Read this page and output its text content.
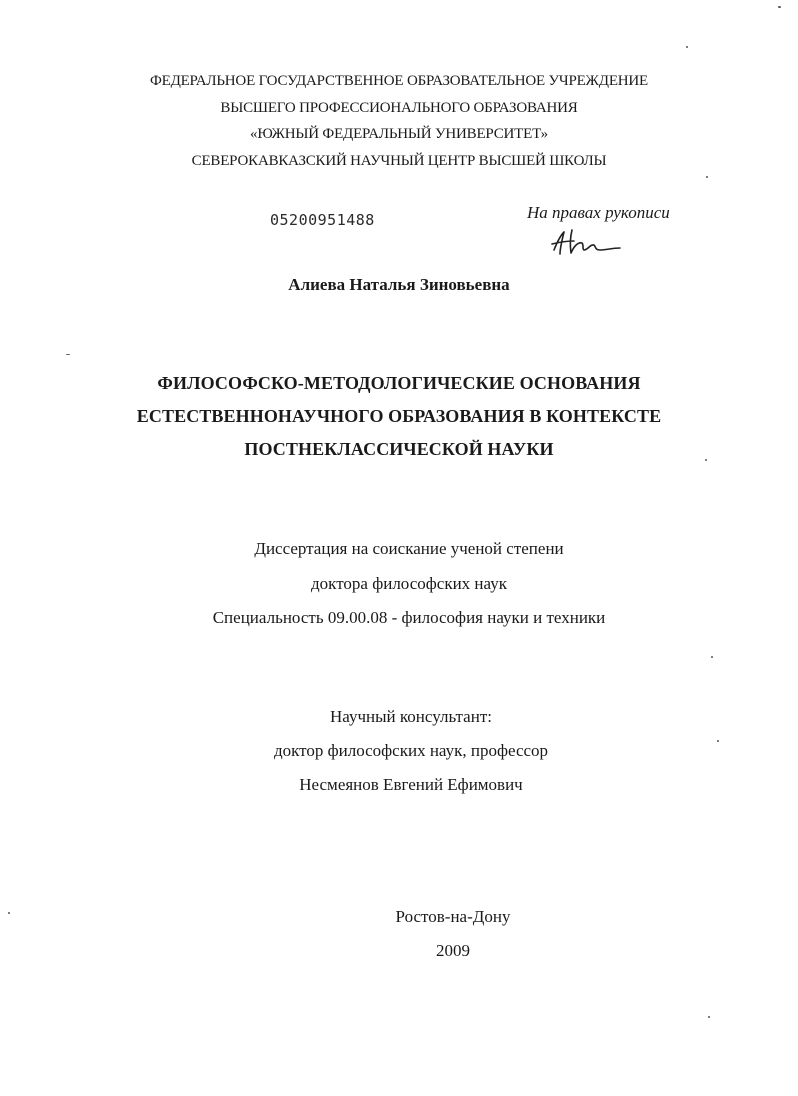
ФЕДЕРАЛЬНОЕ ГОСУДАРСТВЕННОЕ ОБРАЗОВАТЕЛЬНОЕ УЧРЕЖДЕНИЕ
ВЫСШЕГО ПРОФЕССИОНАЛЬНОГО ОБРАЗОВАНИЯ
«ЮЖНЫЙ ФЕДЕРАЛЬНЫЙ УНИВЕРСИТЕТ»
СЕВЕРОКАВКАЗСКИЙ НАУЧНЫЙ ЦЕНТР ВЫСШЕЙ ШКОЛЫ
05200951488	На правах рукописи
Алиева Наталья Зиновьевна
ФИЛОСОФСКО-МЕТОДОЛОГИЧЕСКИЕ ОСНОВАНИЯ
ЕСТЕСТВЕННОНАУЧНОГО ОБРАЗОВАНИЯ В КОНТЕКСТЕ
ПОСТНЕКЛАССИЧЕСКОЙ НАУКИ
Диссертация на соискание ученой степени
доктора философских наук
Специальность 09.00.08 - философия науки и техники
Научный консультант:
доктор философских наук, профессор
Несмеянов Евгений Ефимович
Ростов-на-Дону
2009
